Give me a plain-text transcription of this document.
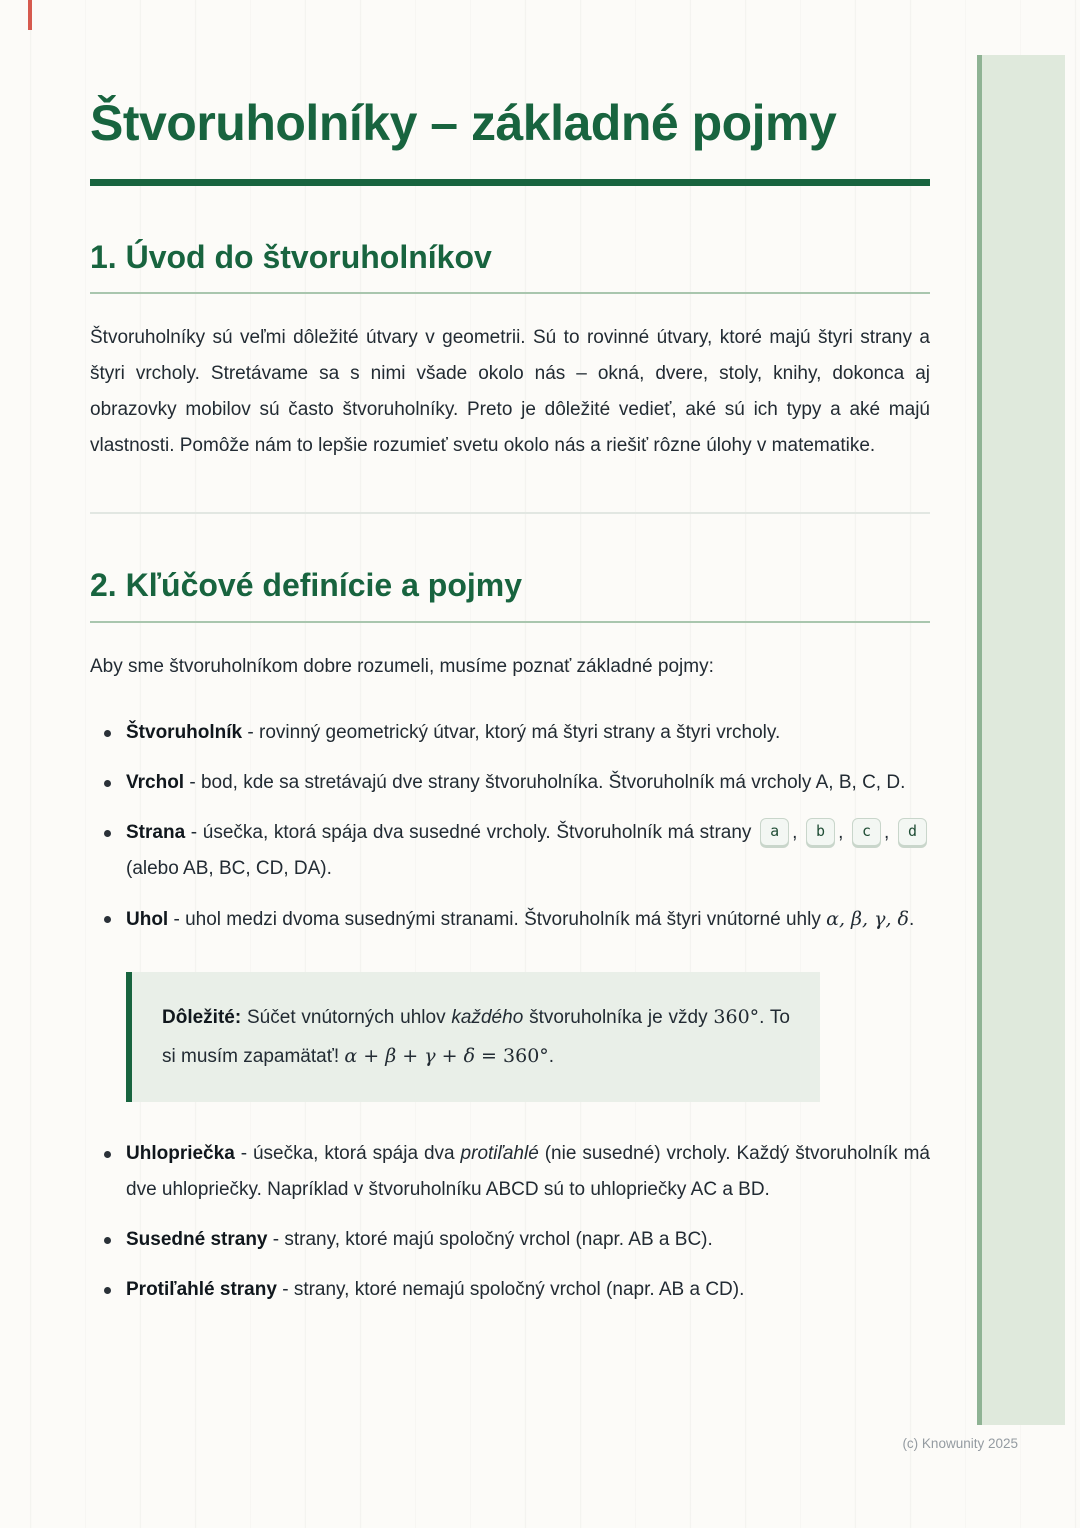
Štvoruholníky – základné pojmy
1. Úvod do štvoruholníkov

Štvoruholníky sú veľmi dôležité útvary v geometrii. Sú to rovinné útvary, ktoré majú štyri strany a štyri vrcholy. Stretávame sa s nimi všade okolo nás – okná, dvere, stoly, knihy, dokonca aj obrazovky mobilov sú často štvoruholníky. Preto je dôležité vedieť, aké sú ich typy a aké majú vlastnosti. Pomôže nám to lepšie rozumieť svetu okolo nás a riešiť rôzne úlohy v matematike.

2. Kľúčové definície a pojmy

Aby sme štvoruholníkom dobre rozumeli, musíme poznať základné pojmy:

Štvoruholník - rovinný geometrický útvar, ktorý má štyri strany a štyri vrcholy.
Vrchol - bod, kde sa stretávajú dve strany štvoruholníka. Štvoruholník má vrcholy A, B, C, D.
Strana - úsečka, ktorá spája dva susedné vrcholy. Štvoruholník má strany a , b , c , d (alebo AB, BC, CD, DA).
Uhol - uhol medzi dvoma susednými stranami. Štvoruholník má štyri vnútorné uhly α, β, γ, δ.

Dôležité: Súčet vnútorných uhlov každého štvoruholníka je vždy 360°. To si musím zapamätať! α + β + γ + δ = 360°.

Uhlopriečka - úsečka, ktorá spája dva protiľahlé (nie susedné) vrcholy. Každý štvoruholník má dve uhlopriečky. Napríklad v štvoruholníku ABCD sú to uhlopriečky AC a BD.
Susedné strany - strany, ktoré majú spoločný vrchol (napr. AB a BC).
Protiľahlé strany - strany, ktoré nemajú spoločný vrchol (napr. AB a CD).
(c) Knowunity 2025
